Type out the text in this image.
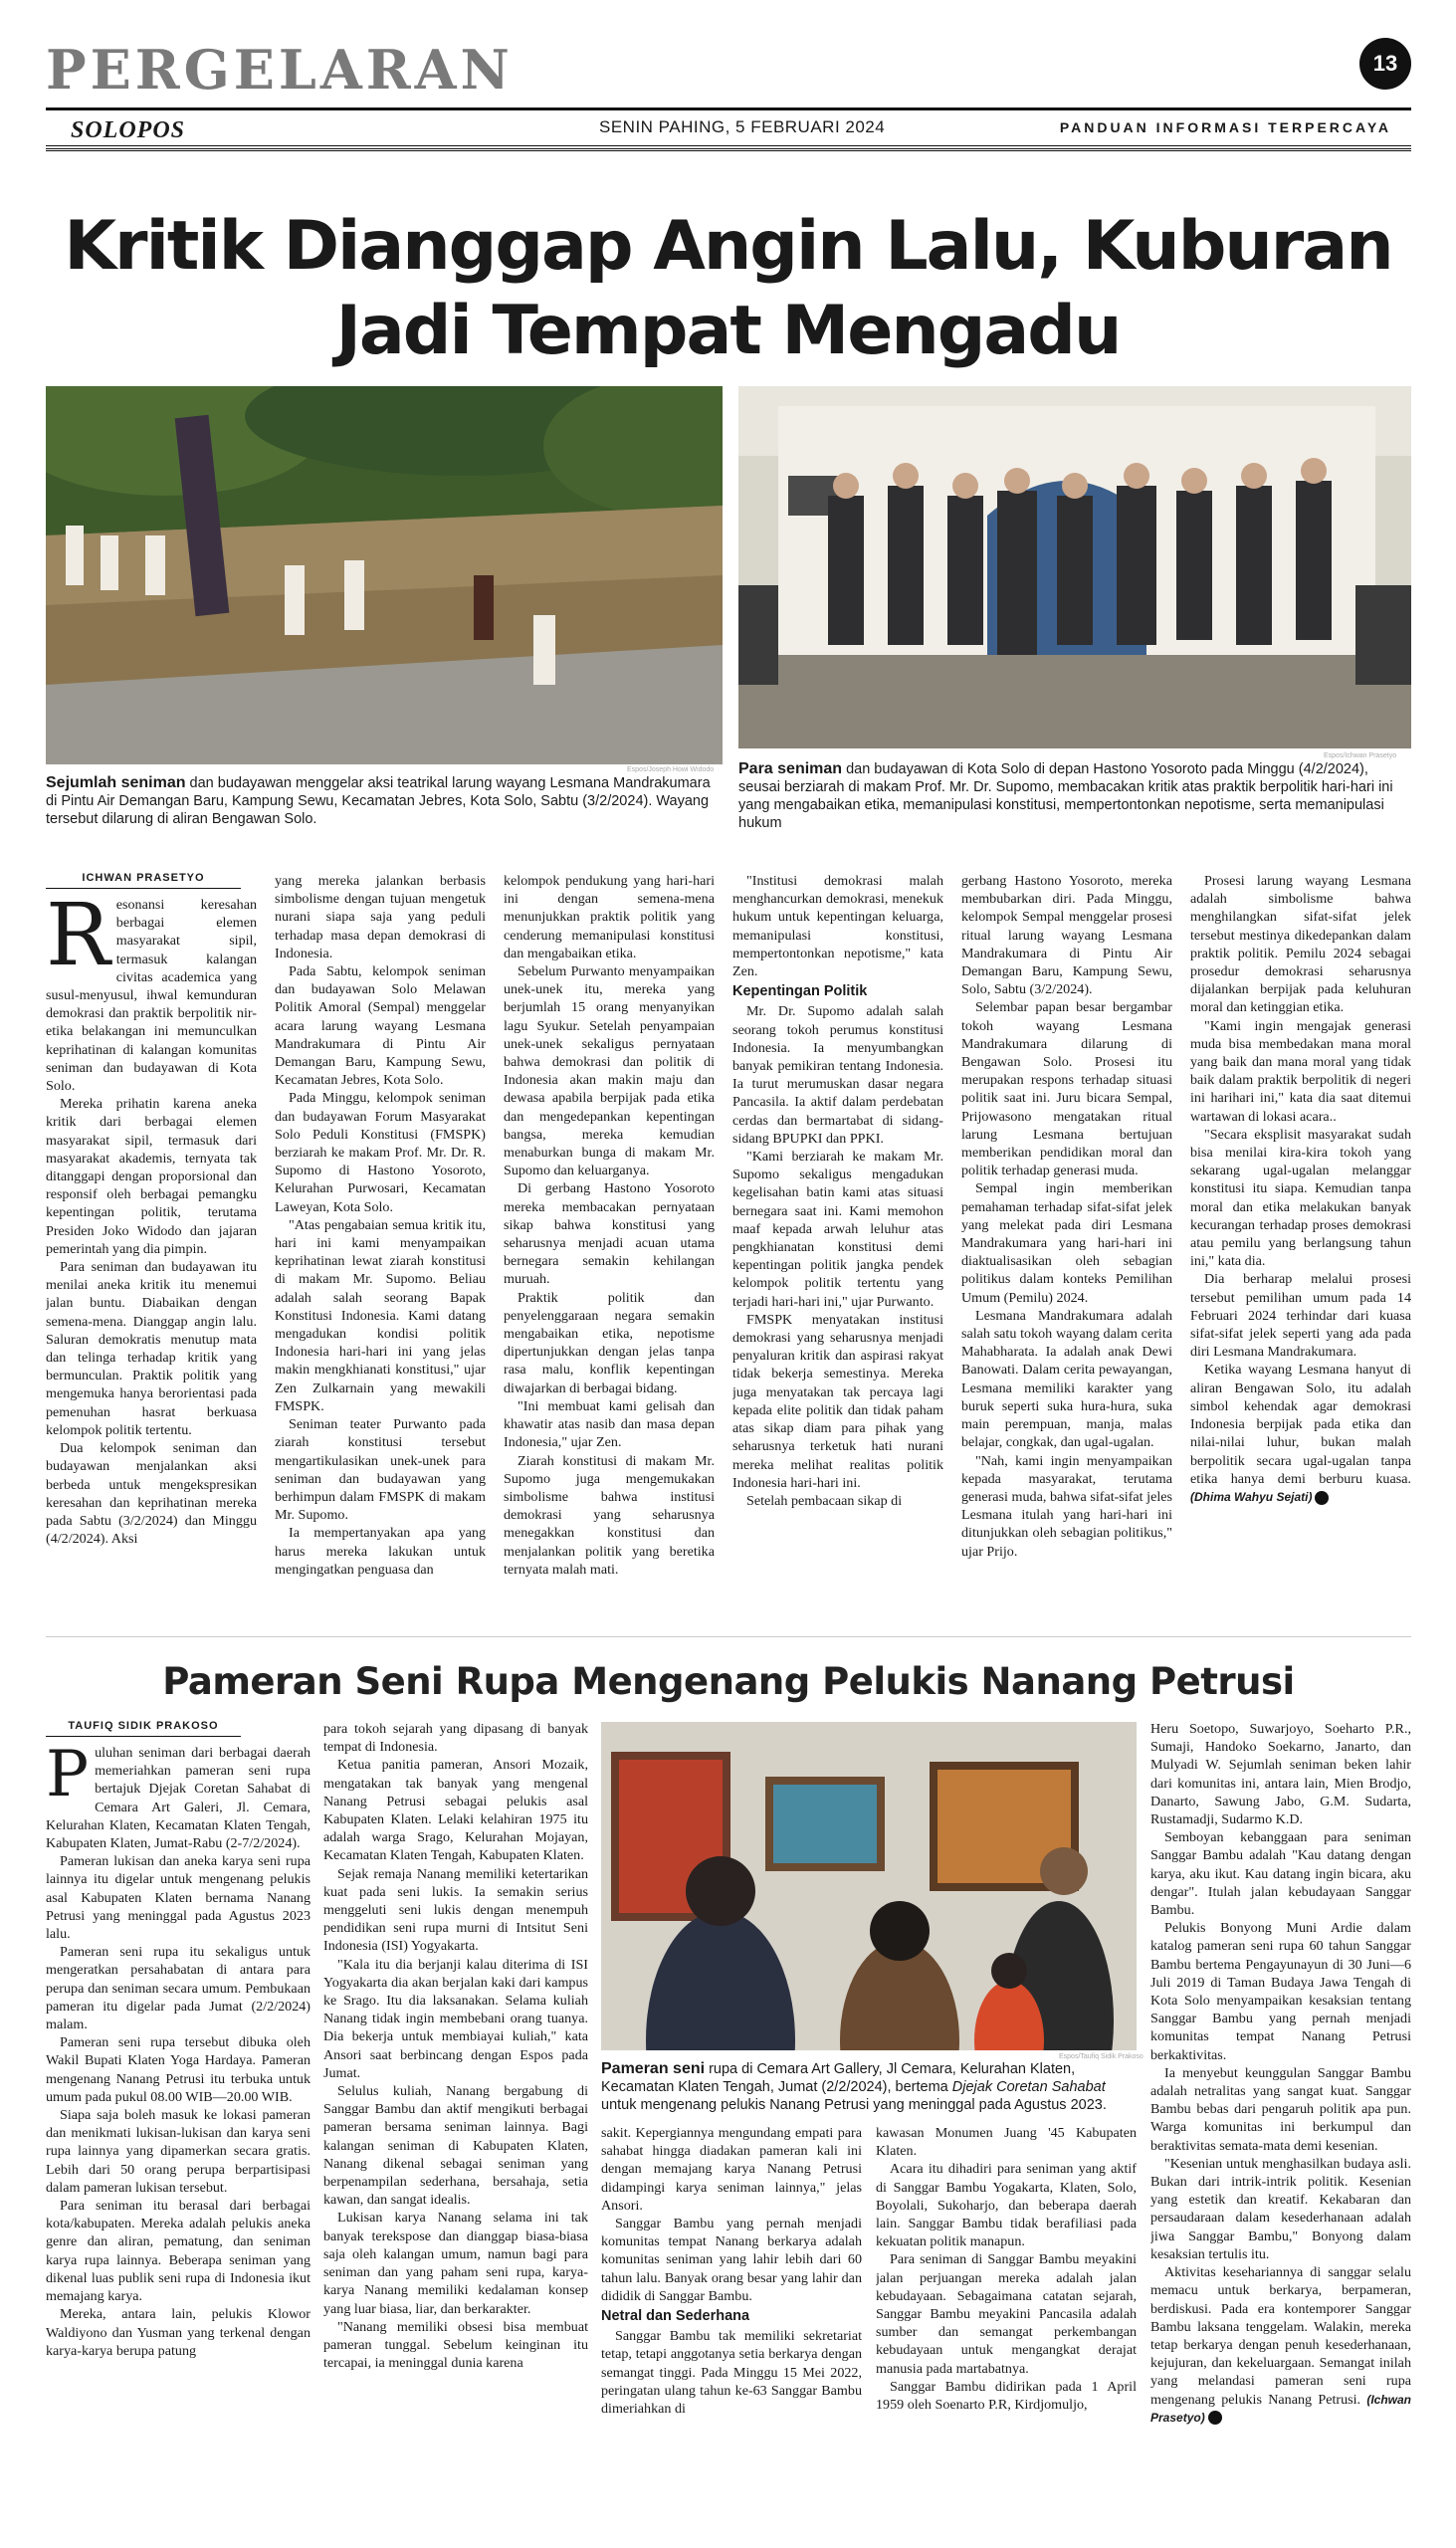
PERGELARAN	13
SOLOPOS	SENIN PAHING, 5 FEBRUARI 2024	PANDUAN INFORMASI TERPERCAYA
Kritik Dianggap Angin Lalu, Kuburan Jadi Tempat Mengadu
Espos/Joseph Howi Widodo
Sejumlah seniman dan budayawan menggelar aksi teatrikal larung wayang Lesmana Mandrakumara di Pintu Air Demangan Baru, Kampung Sewu, Kecamatan Jebres, Kota Solo, Sabtu (3/2/2024). Wayang tersebut dilarung di aliran Bengawan Solo.
Espos/Ichwan Prasetyo
Para seniman dan budayawan di Kota Solo di depan Hastono Yosoroto pada Minggu (4/2/2024), seusai berziarah di makam Prof. Mr. Dr. Supomo, membacakan kritik atas praktik berpolitik hari-hari ini yang mengabaikan etika, memanipulasi konstitusi, mempertontonkan nepotisme, serta memanipulasi hukum
ICHWAN PRASETYO

Resonansi keresahan berbagai elemen masyarakat sipil, termasuk kalangan civitas academica yang susul-menyusul, ihwal kemunduran demokrasi dan praktik berpolitik nir-etika belakangan ini memunculkan keprihatinan di kalangan komunitas seniman dan budayawan di Kota Solo.

Mereka prihatin karena aneka kritik dari berbagai elemen masyarakat sipil, termasuk dari masyarakat akademis, ternyata tak ditanggapi dengan proporsional dan responsif oleh berbagai pemangku kepentingan politik, terutama Presiden Joko Widodo dan jajaran pemerintah yang dia pimpin.

Para seniman dan budayawan itu menilai aneka kritik itu menemui jalan buntu. Diabaikan dengan semena-mena. Dianggap angin lalu. Saluran demokratis menutup mata dan telinga terhadap kritik yang bermunculan. Praktik politik yang mengemuka hanya berorientasi pada pemenuhan hasrat berkuasa kelompok politik tertentu.

Dua kelompok seniman dan budayawan menjalankan aksi berbeda untuk mengekspresikan keresahan dan keprihatinan mereka pada Sabtu (3/2/2024) dan Minggu (4/2/2024). Aksi

yang mereka jalankan berbasis simbolisme dengan tujuan mengetuk nurani siapa saja yang peduli terhadap masa depan demokrasi di Indonesia.

Pada Sabtu, kelompok seniman dan budayawan Solo Melawan Politik Amoral (Sempal) menggelar acara larung wayang Lesmana Mandrakumara di Pintu Air Demangan Baru, Kampung Sewu, Kecamatan Jebres, Kota Solo.

Pada Minggu, kelompok seniman dan budayawan Forum Masyarakat Solo Peduli Konstitusi (FMSPK) berziarah ke makam Prof. Mr. Dr. R. Supomo di Hastono Yosoroto, Kelurahan Purwosari, Kecamatan Laweyan, Kota Solo.

"Atas pengabaian semua kritik itu, hari ini kami menyampaikan keprihatinan lewat ziarah konstitusi di makam Mr. Supomo. Beliau adalah salah seorang Bapak Konstitusi Indonesia. Kami datang mengadukan kondisi politik Indonesia hari-hari ini yang jelas makin mengkhianati konstitusi," ujar Zen Zulkarnain yang mewakili FMSPK.

Seniman teater Purwanto pada ziarah konstitusi tersebut mengartikulasikan unek-unek para seniman dan budayawan yang berhimpun dalam FMSPK di makam Mr. Supomo.

Ia mempertanyakan apa yang harus mereka lakukan untuk mengingatkan penguasa dan

kelompok pendukung yang hari-hari ini dengan semena-mena menunjukkan praktik politik yang cenderung memanipulasi konstitusi dan mengabaikan etika.

Sebelum Purwanto menyampaikan unek-unek itu, mereka yang berjumlah 15 orang menyanyikan lagu Syukur. Setelah penyampaian unek-unek sekaligus pernyataan bahwa demokrasi dan politik di Indonesia akan makin maju dan dewasa apabila berpijak pada etika dan mengedepankan kepentingan bangsa, mereka kemudian menaburkan bunga di makam Mr. Supomo dan keluarganya.

Di gerbang Hastono Yosoroto mereka membacakan pernyataan sikap bahwa konstitusi yang seharusnya menjadi acuan utama bernegara semakin kehilangan muruah.

Praktik politik dan penyelenggaraan negara semakin mengabaikan etika, nepotisme dipertunjukkan dengan jelas tanpa rasa malu, konflik kepentingan diwajarkan di berbagai bidang.

"Ini membuat kami gelisah dan khawatir atas nasib dan masa depan Indonesia," ujar Zen.

Ziarah konstitusi di makam Mr. Supomo juga mengemukakan simbolisme bahwa institusi demokrasi yang seharusnya menegakkan konstitusi dan menjalankan politik yang beretika ternyata malah mati.

"Institusi demokrasi malah menghancurkan demokrasi, menekuk hukum untuk kepentingan keluarga, memanipulasi konstitusi, mempertontonkan nepotisme," kata Zen.

Kepentingan Politik

Mr. Dr. Supomo adalah salah seorang tokoh perumus konstitusi Indonesia. Ia menyumbangkan banyak pemikiran tentang Indonesia. Ia turut merumuskan dasar negara Pancasila. Ia aktif dalam perdebatan cerdas dan bermartabat di sidang-sidang BPUPKI dan PPKI.

"Kami berziarah ke makam Mr. Supomo sekaligus mengadukan kegelisahan batin kami atas situasi bernegara saat ini. Kami memohon maaf kepada arwah leluhur atas pengkhianatan konstitusi demi kepentingan politik jangka pendek kelompok politik tertentu yang terjadi hari-hari ini," ujar Purwanto.

FMSPK menyatakan institusi demokrasi yang seharusnya menjadi penyaluran kritik dan aspirasi rakyat tidak bekerja semestinya. Mereka juga menyatakan tak percaya lagi kepada elite politik dan tidak paham atas sikap diam para pihak yang seharusnya terketuk hati nurani mereka melihat realitas politik Indonesia hari-hari ini.

Setelah pembacaan sikap di

gerbang Hastono Yosoroto, mereka membubarkan diri. Pada Minggu, kelompok Sempal menggelar prosesi ritual larung wayang Lesmana Mandrakumara di Pintu Air Demangan Baru, Kampung Sewu, Solo, Sabtu (3/2/2024).

Selembar papan besar bergambar tokoh wayang Lesmana Mandrakumara dilarung di Bengawan Solo. Prosesi itu merupakan respons terhadap situasi politik saat ini. Juru bicara Sempal, Prijowasono mengatakan ritual larung Lesmana bertujuan memberikan pendidikan moral dan politik terhadap generasi muda.

Sempal ingin memberikan pemahaman terhadap sifat-sifat jelek yang melekat pada diri Lesmana Mandrakumara yang hari-hari ini diaktualisasikan oleh sebagian politikus dalam konteks Pemilihan Umum (Pemilu) 2024.

Lesmana Mandrakumara adalah salah satu tokoh wayang dalam cerita Mahabharata. Ia adalah anak Dewi Banowati. Dalam cerita pewayangan, Lesmana memiliki karakter yang buruk seperti suka hura-hura, suka main perempuan, manja, malas belajar, congkak, dan ugal-ugalan.

"Nah, kami ingin menyampaikan kepada masyarakat, terutama generasi muda, bahwa sifat-sifat jeles Lesmana itulah yang hari-hari ini ditunjukkan oleh sebagian politikus," ujar Prijo.

Prosesi larung wayang Lesmana adalah simbolisme bahwa menghilangkan sifat-sifat jelek tersebut mestinya dikedepankan dalam praktik politik. Pemilu 2024 sebagai prosedur demokrasi seharusnya dijalankan berpijak pada keluhuran moral dan ketinggian etika.

"Kami ingin mengajak generasi muda bisa membedakan mana moral yang baik dan mana moral yang tidak baik dalam praktik berpolitik di negeri ini harihari ini," kata dia saat ditemui wartawan di lokasi acara..

"Secara eksplisit masyarakat sudah bisa menilai kira-kira tokoh yang sekarang ugal-ugalan melanggar konstitusi itu siapa. Kemudian tanpa moral dan etika melakukan banyak kecurangan terhadap proses demokrasi atau pemilu yang berlangsung tahun ini," kata dia.

Dia berharap melalui prosesi tersebut pemilihan umum pada 14 Februari 2024 terhindar dari kuasa sifat-sifat jelek seperti yang ada pada diri Lesmana Mandrakumara.

Ketika wayang Lesmana hanyut di aliran Bengawan Solo, itu adalah simbol kehendak agar demokrasi Indonesia berpijak pada etika dan nilai-nilai luhur, bukan malah berpolitik secara ugal-ugalan tanpa etika hanya demi berburu kuasa. (Dhima Wahyu Sejati)

Pameran Seni Rupa Mengenang Pelukis Nanang Petrusi
TAUFIQ SIDIK PRAKOSO
Espos/Taufiq Sidik Prakoso
Pameran seni rupa di Cemara Art Gallery, Jl Cemara, Kelurahan Klaten, Kecamatan Klaten Tengah, Jumat (2/2/2024), bertema Djejak Coretan Sahabat untuk mengenang pelukis Nanang Petrusi yang meninggal pada Agustus 2023.

Puluhan seniman dari berbagai daerah memeriahkan pameran seni rupa bertajuk Djejak Coretan Sahabat di Cemara Art Galeri, Jl. Cemara, Kelurahan Klaten, Kecamatan Klaten Tengah, Kabupaten Klaten, Jumat-Rabu (2-7/2/2024).

Pameran lukisan dan aneka karya seni rupa lainnya itu digelar untuk mengenang pelukis asal Kabupaten Klaten bernama Nanang Petrusi yang meninggal pada Agustus 2023 lalu.

Pameran seni rupa itu sekaligus untuk mengeratkan persahabatan di antara para perupa dan seniman secara umum. Pembukaan pameran itu digelar pada Jumat (2/2/2024) malam.

Pameran seni rupa tersebut dibuka oleh Wakil Bupati Klaten Yoga Hardaya. Pameran mengenang Nanang Petrusi itu terbuka untuk umum pada pukul 08.00 WIB—20.00 WIB.

Siapa saja boleh masuk ke lokasi pameran dan menikmati lukisan-lukisan dan karya seni rupa lainnya yang dipamerkan secara gratis. Lebih dari 50 orang perupa berpartisipasi dalam pameran lukisan tersebut.

Para seniman itu berasal dari berbagai kota/kabupaten. Mereka adalah pelukis aneka genre dan aliran, pematung, dan seniman karya rupa lainnya. Beberapa seniman yang dikenal luas publik seni rupa di Indonesia ikut memajang karya.

Mereka, antara lain, pelukis Klowor Waldiyono dan Yusman yang terkenal dengan karya-karya berupa patung

para tokoh sejarah yang dipasang di banyak tempat di Indonesia.

Ketua panitia pameran, Ansori Mozaik, mengatakan tak banyak yang mengenal Nanang Petrusi sebagai pelukis asal Kabupaten Klaten. Lelaki kelahiran 1975 itu adalah warga Srago, Kelurahan Mojayan, Kecamatan Klaten Tengah, Kabupaten Klaten.

Sejak remaja Nanang memiliki ketertarikan kuat pada seni lukis. Ia semakin serius menggeluti seni lukis dengan menempuh pendidikan seni rupa murni di Intsitut Seni Indonesia (ISI) Yogyakarta.

"Kala itu dia berjanji kalau diterima di ISI Yogyakarta dia akan berjalan kaki dari kampus ke Srago. Itu dia laksanakan. Selama kuliah Nanang tidak ingin membebani orang tuanya. Dia bekerja untuk membiayai kuliah," kata Ansori saat berbincang dengan Espos pada Jumat.

Selulus kuliah, Nanang bergabung di Sanggar Bambu dan aktif mengikuti berbagai pameran bersama seniman lainnya. Bagi kalangan seniman di Kabupaten Klaten, Nanang dikenal sebagai seniman yang berpenampilan sederhana, bersahaja, setia kawan, dan sangat idealis.

Lukisan karya Nanang selama ini tak banyak terekspose dan dianggap biasa-biasa saja oleh kalangan umum, namun bagi para seniman dan yang paham seni rupa, karya-karya Nanang memiliki kedalaman konsep yang luar biasa, liar, dan berkarakter.

"Nanang memiliki obsesi bisa membuat pameran tunggal. Sebelum keinginan itu tercapai, ia meninggal dunia karena

sakit. Kepergiannya mengundang empati para sahabat hingga diadakan pameran kali ini dengan memajang karya Nanang Petrusi didampingi karya seniman lainnya," jelas Ansori.

Sanggar Bambu yang pernah menjadi komunitas tempat Nanang berkarya adalah komunitas seniman yang lahir lebih dari 60 tahun lalu. Banyak orang besar yang lahir dan dididik di Sanggar Bambu.

Netral dan Sederhana

Sanggar Bambu tak memiliki sekretariat tetap, tetapi anggotanya setia berkarya dengan semangat tinggi. Pada Minggu 15 Mei 2022, peringatan ulang tahun ke-63 Sanggar Bambu dimeriahkan di

kawasan Monumen Juang '45 Kabupaten Klaten.

Acara itu dihadiri para seniman yang aktif di Sanggar Bambu Yogakarta, Klaten, Solo, Boyolali, Sukoharjo, dan beberapa daerah lain. Sanggar Bambu tidak berafiliasi pada kekuatan politik manapun.

Para seniman di Sanggar Bambu meyakini jalan perjuangan mereka adalah jalan kebudayaan. Sebagaimana catatan sejarah, Sanggar Bambu meyakini Pancasila adalah sumber dan semangat perkembangan kebudayaan untuk mengangkat derajat manusia pada martabatnya.

Sanggar Bambu didirikan pada 1 April 1959 oleh Soenarto P.R, Kirdjomuljo,

Heru Soetopo, Suwarjoyo, Soeharto P.R., Sumaji, Handoko Soekarno, Janarto, dan Mulyadi W. Sejumlah seniman beken lahir dari komunitas ini, antara lain, Mien Brodjo, Danarto, Sawung Jabo, G.M. Sudarta, Rustamadji, Sudarmo K.D.

Semboyan kebanggaan para seniman Sanggar Bambu adalah "Kau datang dengan karya, aku ikut. Kau datang ingin bicara, aku dengar". Itulah jalan kebudayaan Sanggar Bambu.

Pelukis Bonyong Muni Ardie dalam katalog pameran seni rupa 60 tahun Sanggar Bambu bertema Pengayunayun di 30 Juni—6 Juli 2019 di Taman Budaya Jawa Tengah di Kota Solo menyampaikan kesaksian tentang Sanggar Bambu yang pernah menjadi komunitas tempat Nanang Petrusi berkaktivitas.

Ia menyebut keunggulan Sanggar Bambu adalah netralitas yang sangat kuat. Sanggar Bambu bebas dari pengaruh politik apa pun. Warga komunitas ini berkumpul dan beraktivitas semata-mata demi kesenian.

"Kesenian untuk menghasilkan budaya asli. Bukan dari intrik-intrik politik. Kesenian yang estetik dan kreatif. Kekabaran dan persaudaraan dalam kesederhanaan adalah jiwa Sanggar Bambu," Bonyong dalam kesaksian tertulis itu.

Aktivitas kesehariannya di sanggar selalu memacu untuk berkarya, berpameran, berdiskusi. Pada era kontemporer Sanggar Bambu laksana tenggelam. Walakin, mereka tetap berkarya dengan penuh kesederhanaan, kejujuran, dan kekeluargaan. Semangat inilah yang melandasi pameran seni rupa mengenang pelukis Nanang Petrusi. (Ichwan Prasetyo)
